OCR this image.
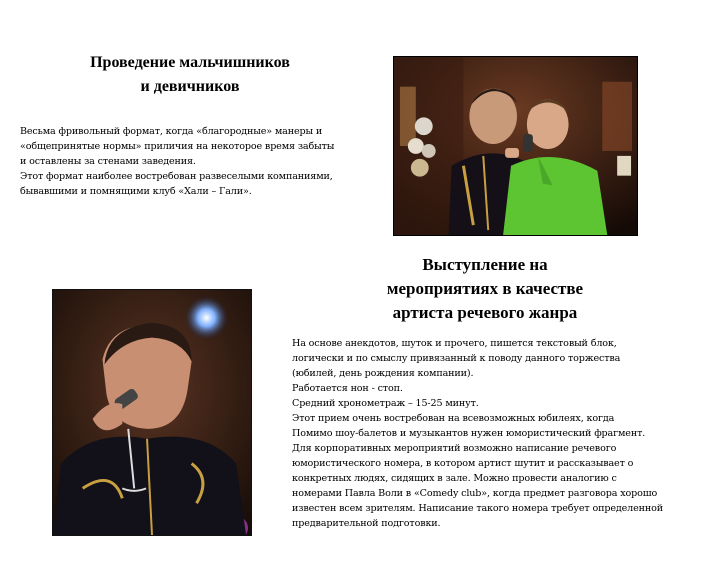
Проведение мальчишников
и девичников
Весьма фривольный формат, когда «благородные» манеры и
«общепринятые нормы» приличия на некоторое время забыты
и оставлены за стенами заведения.
Этот формат наиболее востребован развеселыми компаниями,
бывавшими и помнящими клуб «Хали – Гали».
Выступление на
мероприятиях в качестве
артиста речевого жанра
На основе анекдотов, шуток и прочего, пишется текстовый блок,
логически и по смыслу привязанный к поводу данного торжества
(юбилей, день рождения компании).
Работается нон - стоп.
Средний хронометраж – 15-25 минут.
Этот прием очень востребован на всевозможных юбилеях, когда
Помимо шоу-балетов и музыкантов нужен юмористический фрагмент.
Для корпоративных мероприятий возможно написание речевого
юмористического номера, в котором артист шутит и рассказывает о
конкретных людях, сидящих в зале. Можно провести аналогию с
номерами Павла Воли в «Comedy club», когда предмет разговора хорошо
известен всем зрителям. Написание такого номера требует определенной
предварительной подготовки.
